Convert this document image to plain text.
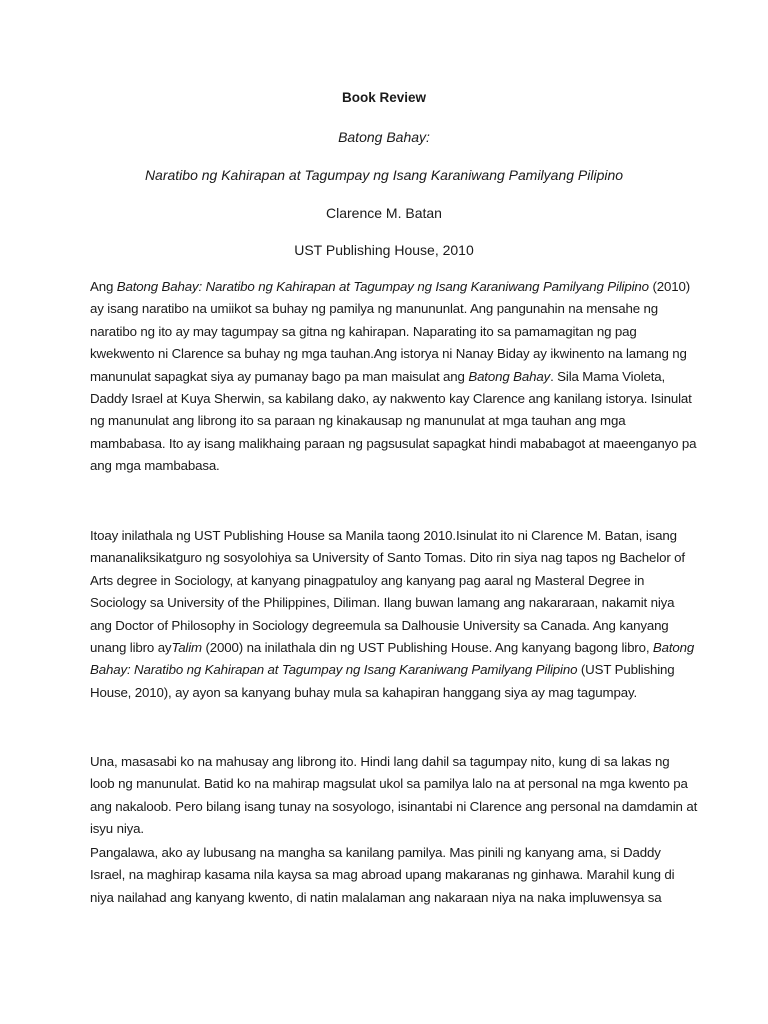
Book Review
Batong Bahay:
Naratibo ng Kahirapan at Tagumpay ng Isang Karaniwang Pamilyang Pilipino
Clarence M. Batan
UST Publishing House, 2010
Ang Batong Bahay: Naratibo ng Kahirapan at Tagumpay ng Isang Karaniwang Pamilyang Pilipino (2010)
ay isang naratibo na umiikot sa buhay ng pamilya ng manununlat. Ang pangunahin na mensahe ng
naratibo ng ito ay may tagumpay sa gitna ng kahirapan. Naparating ito sa pamamagitan ng pag
kwekwento ni Clarence sa buhay ng mga tauhan.Ang istorya ni Nanay Biday ay ikwinento na lamang ng
manunulat sapagkat siya ay pumanay bago pa man maisulat ang Batong Bahay. Sila Mama Violeta,
Daddy Israel at Kuya Sherwin, sa kabilang dako, ay nakwento kay Clarence ang kanilang istorya. Isinulat
ng manunulat ang librong ito sa paraan ng kinakausap ng manunulat at mga tauhan ang mga
mambabasa. Ito ay isang malikhaing paraan ng pagsusulat sapagkat hindi mababagot at maeenganyo pa
ang mga mambabasa.
Itoay inilathala ng UST Publishing House sa Manila taong 2010.Isinulat ito ni Clarence M. Batan, isang
mananaliksikatguro ng sosyolohiya sa University of Santo Tomas. Dito rin siya nag tapos ng Bachelor of
Arts degree in Sociology, at kanyang pinagpatuloy ang kanyang pag aaral ng Masteral Degree in
Sociology sa University of the Philippines, Diliman. Ilang buwan lamang ang nakararaan, nakamit niya
ang Doctor of Philosophy in Sociology degreemula sa Dalhousie University sa Canada. Ang kanyang
unang libro ayTalim (2000) na inilathala din ng UST Publishing House. Ang kanyang bagong libro, Batong
Bahay: Naratibo ng Kahirapan at Tagumpay ng Isang Karaniwang Pamilyang Pilipino (UST Publishing
House, 2010), ay ayon sa kanyang buhay mula sa kahapiran hanggang siya ay mag tagumpay.
Una, masasabi ko na mahusay ang librong ito. Hindi lang dahil sa tagumpay nito, kung di sa lakas ng
loob ng manunulat. Batid ko na mahirap magsulat ukol sa pamilya lalo na at personal na mga kwento pa
ang nakaloob. Pero bilang isang tunay na sosyologo, isinantabi ni Clarence ang personal na damdamin at
isyu niya.
Pangalawa, ako ay lubusang na mangha sa kanilang pamilya. Mas pinili ng kanyang ama, si Daddy
Israel, na maghirap kasama nila kaysa sa mag abroad upang makaranas ng ginhawa. Marahil kung di
niya nailahad ang kanyang kwento, di natin malalaman ang nakaraan niya na naka impluwensya sa
